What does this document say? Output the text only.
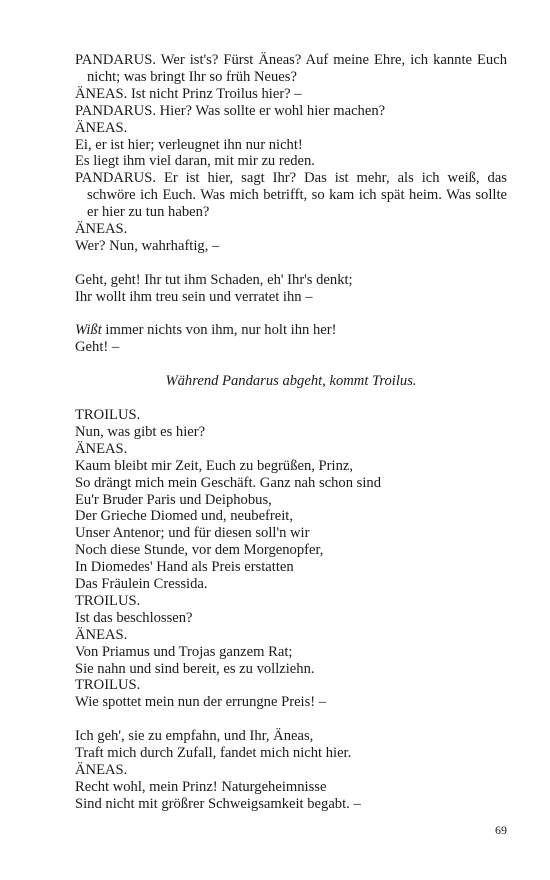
PANDARUS. Wer ist's? Fürst Äneas? Auf meine Ehre, ich kannte Euch nicht; was bringt Ihr so früh Neues?
ÄNEAS. Ist nicht Prinz Troilus hier? –
PANDARUS. Hier? Was sollte er wohl hier machen?
ÄNEAS.
Ei, er ist hier; verleugnet ihn nur nicht!
Es liegt ihm viel daran, mit mir zu reden.
PANDARUS. Er ist hier, sagt Ihr? Das ist mehr, als ich weiß, das schwöre ich Euch. Was mich betrifft, so kam ich spät heim. Was sollte er hier zu tun haben?
ÄNEAS.
Wer? Nun, wahrhaftig, –
Geht, geht! Ihr tut ihm Schaden, eh' Ihr's denkt;
Ihr wollt ihm treu sein und verratet ihn –
Wißt immer nichts von ihm, nur holt ihn her!
Geht! –
Während Pandarus abgeht, kommt Troilus.
TROILUS.
Nun, was gibt es hier?
ÄNEAS.
Kaum bleibt mir Zeit, Euch zu begrüßen, Prinz,
So drängt mich mein Geschäft. Ganz nah schon sind
Eu'r Bruder Paris und Deiphobus,
Der Grieche Diomed und, neubefreit,
Unser Antenor; und für diesen soll'n wir
Noch diese Stunde, vor dem Morgenopfer,
In Diomedes' Hand als Preis erstatten
Das Fräulein Cressida.
TROILUS.
Ist das beschlossen?
ÄNEAS.
Von Priamus und Trojas ganzem Rat;
Sie nahn und sind bereit, es zu vollziehn.
TROILUS.
Wie spottet mein nun der errungne Preis! –
Ich geh', sie zu empfahn, und Ihr, Äneas,
Traft mich durch Zufall, fandet mich nicht hier.
ÄNEAS.
Recht wohl, mein Prinz! Naturgeheimnisse
Sind nicht mit größrer Schweigsamkeit begabt. –
69
